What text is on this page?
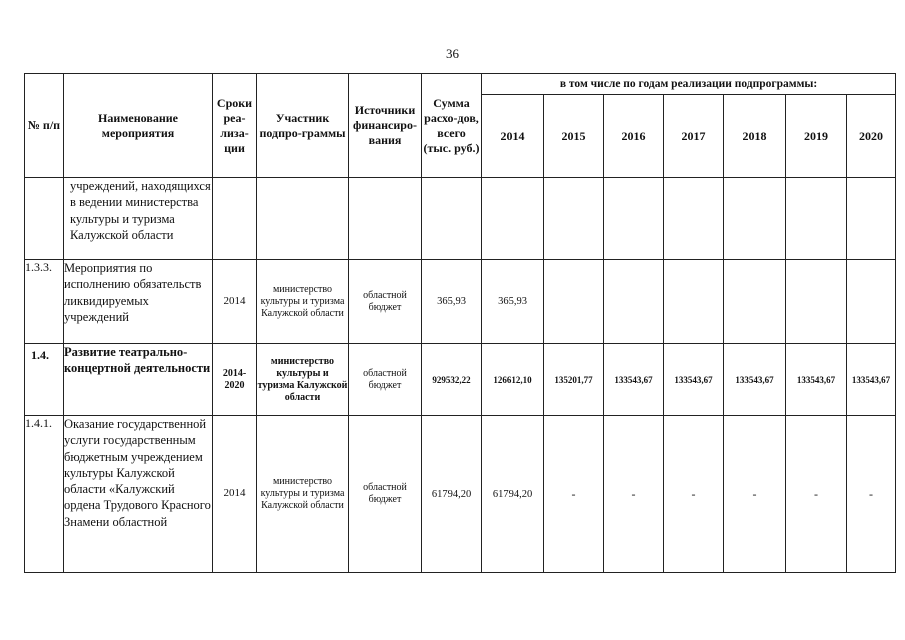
36
№ п/п	Наименование мероприятия	Сроки реа-лиза-ции	Участник подпро-граммы	Источники финансиро-вания	Сумма расхо-дов, всего (тыс. руб.)	в том числе по годам реализации подпрограммы:						
						2014	2015	2016	2017	2018	2019	2020
	учреждений, находящихся в ведении министерства культуры и туризма Калужской области											
1.3.3.	Мероприятия по исполнению обязательств ликвидируемых учреждений	2014	министерство культуры и туризма Калужской области	областной бюджет	365,93	365,93						
1.4.	Развитие театрально-концертной деятельности	2014-2020	министерство культуры и туризма Калужской области	областной бюджет	929532,22	126612,10	135201,77	133543,67	133543,67	133543,67	133543,67	133543,67
1.4.1.	Оказание государственной услуги государственным бюджетным учреждением культуры Калужской области «Калужский ордена Трудового Красного Знамени областной	2014	министерство культуры и туризма Калужской области	областной бюджет	61794,20	61794,20	-	-	-	-	-	-
